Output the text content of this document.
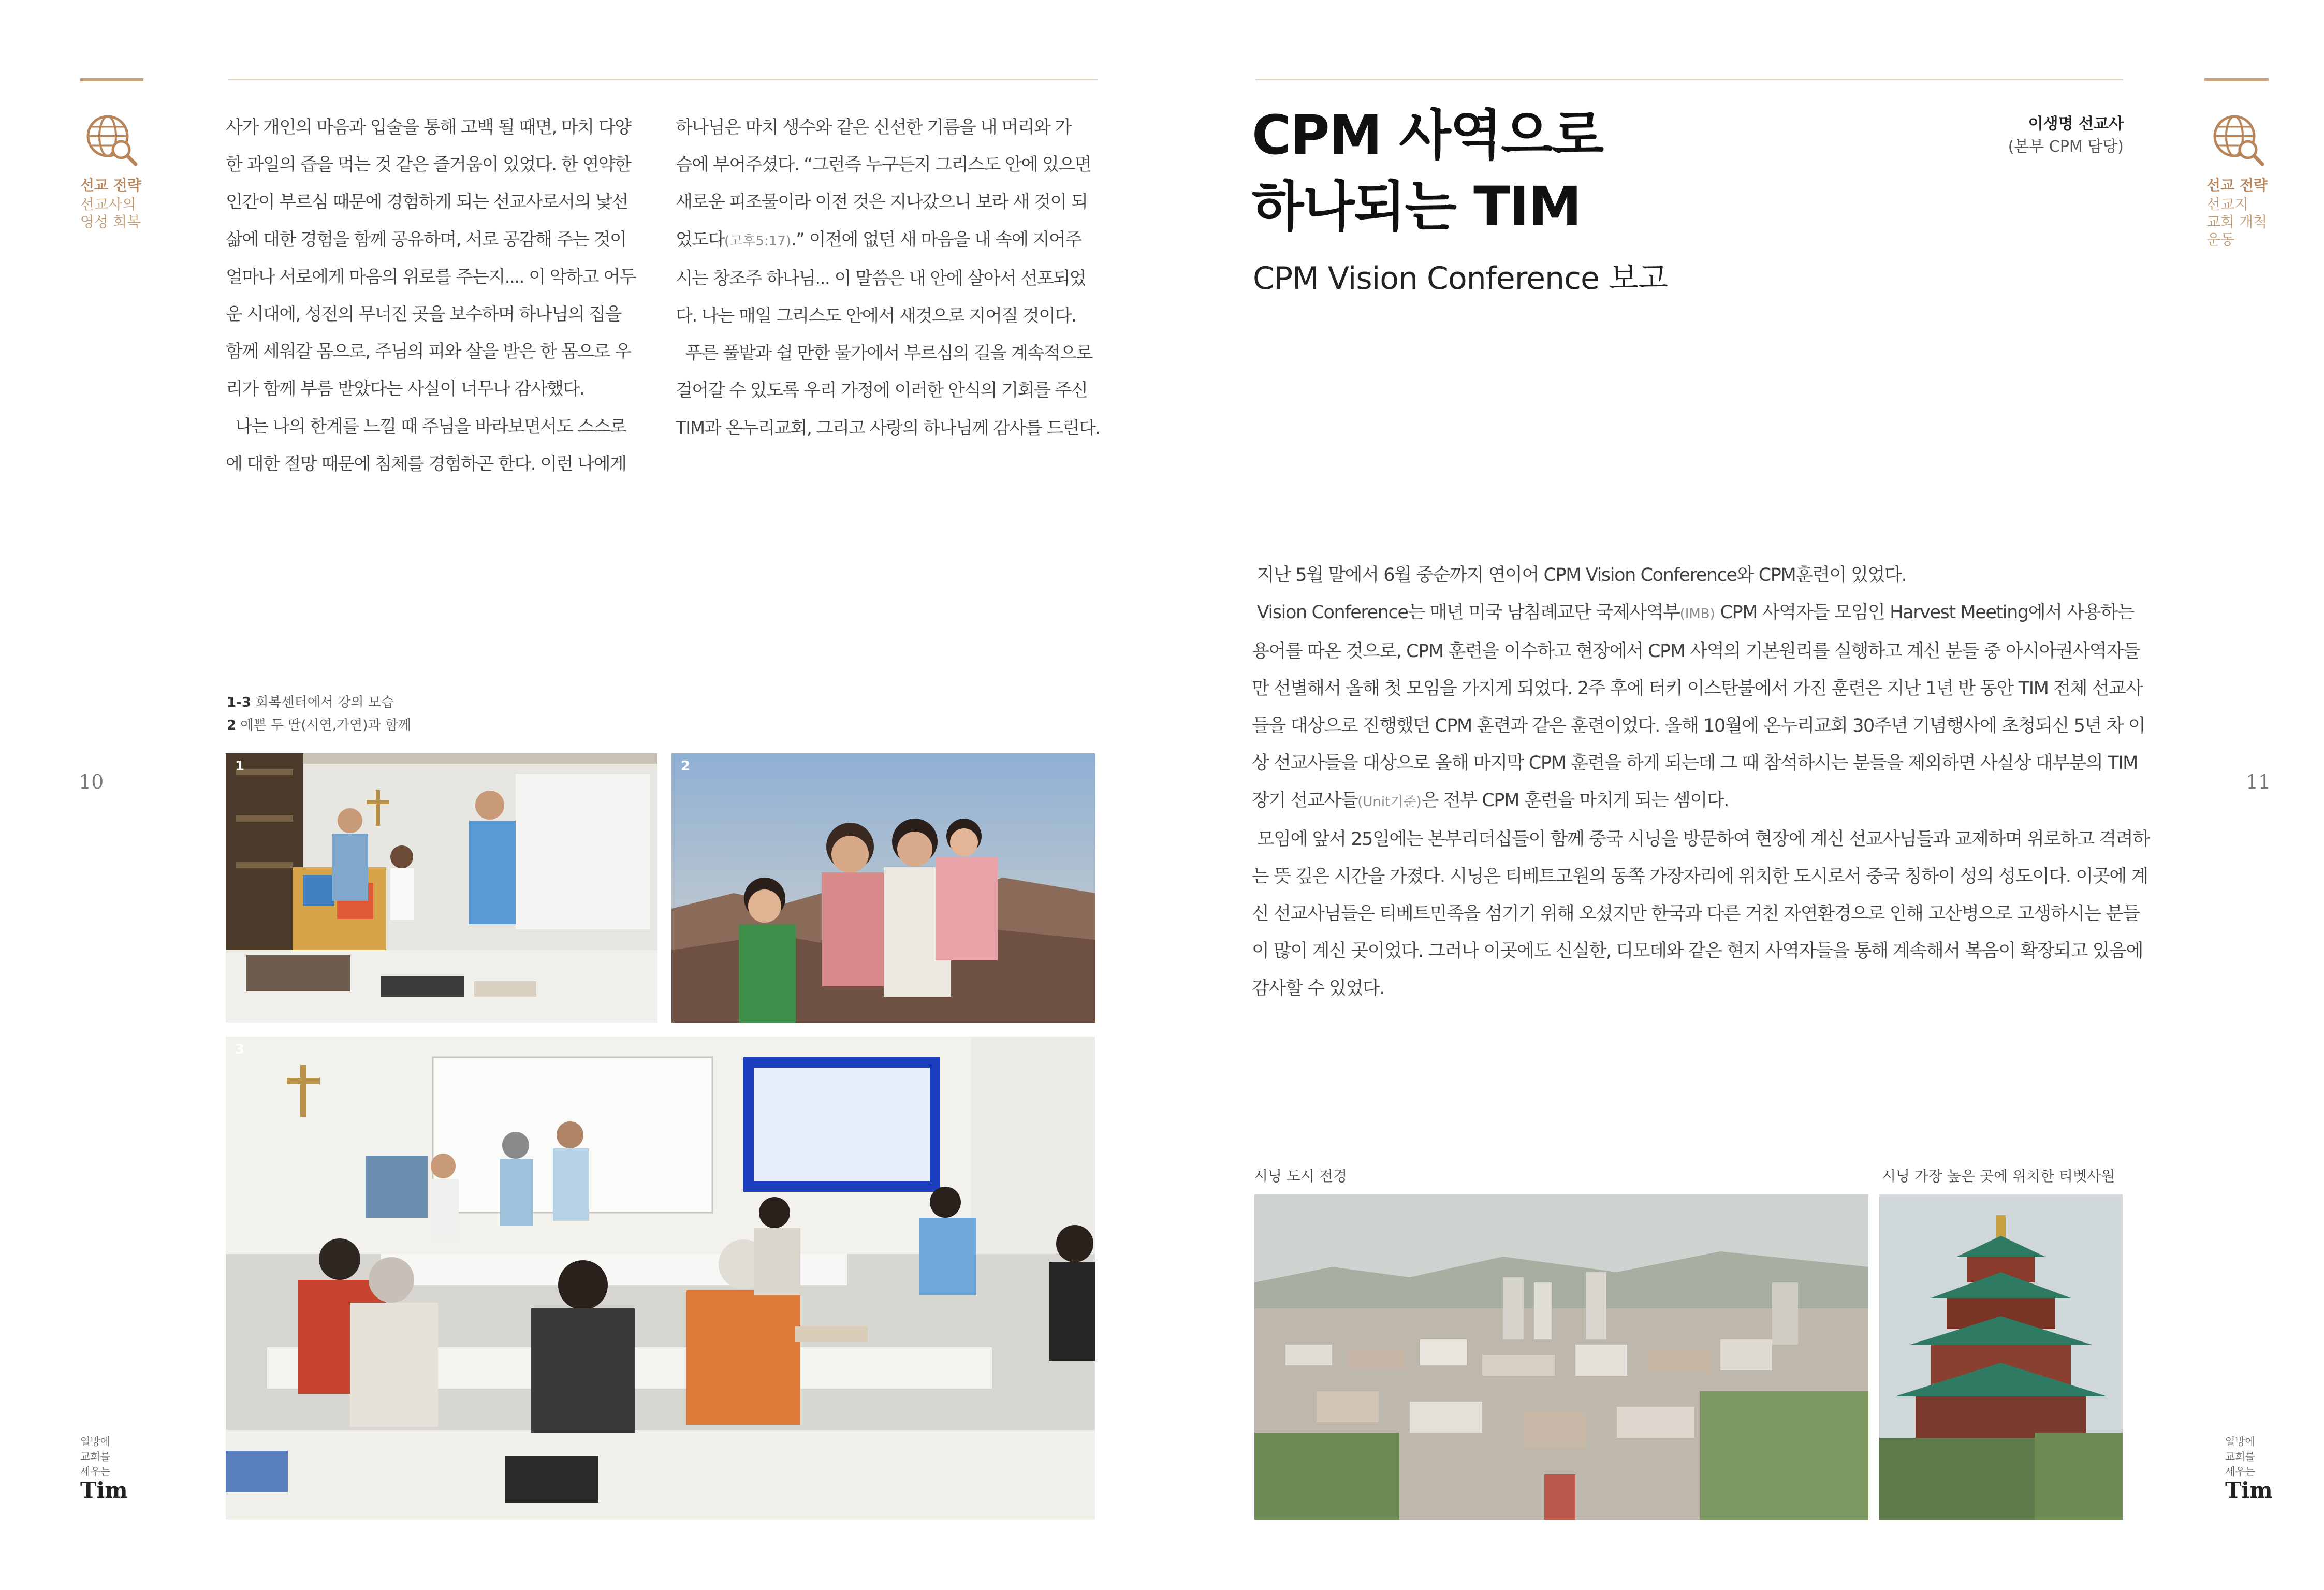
선교 전략
선교사의
영성 회복
10
열방에
교회를
세우는
Tim

사가 개인의 마음과 입술을 통해 고백 될 때면, 마치 다양

한 과일의 즙을 먹는 것 같은 즐거움이 있었다. 한 연약한

인간이 부르심 때문에 경험하게 되는 선교사로서의 낯선

삶에 대한 경험을 함께 공유하며, 서로 공감해 주는 것이

얼마나 서로에게 마음의 위로를 주는지.... 이 악하고 어두

운 시대에, 성전의 무너진 곳을 보수하며 하나님의 집을

함께 세워갈 몸으로, 주님의 피와 살을 받은 한 몸으로 우

리가 함께 부름 받았다는 사실이 너무나 감사했다.

나는 나의 한계를 느낄 때 주님을 바라보면서도 스스로

에 대한 절망 때문에 침체를 경험하곤 한다. 이런 나에게

하나님은 마치 생수와 같은 신선한 기름을 내 머리와 가

슴에 부어주셨다. “그런즉 누구든지 그리스도 안에 있으면

새로운 피조물이라 이전 것은 지나갔으니 보라 새 것이 되

었도다(고후5:17).” 이전에 없던 새 마음을 내 속에 지어주

시는 창조주 하나님... 이 말씀은 내 안에 살아서 선포되었

다. 나는 매일 그리스도 안에서 새것으로 지어질 것이다.

푸른 풀밭과 쉴 만한 물가에서 부르심의 길을 계속적으로

걸어갈 수 있도록 우리 가정에 이러한 안식의 기회를 주신

TIM과 온누리교회, 그리고 사랑의 하나님께 감사를 드린다.

1-3 회복센터에서 강의 모습
2 예쁜 두 딸(시연,가연)과 함께
1	2
3
선교 전략
선교지
교회 개척
운동
11
열방에
교회를
세우는
Tim
CPM 사역으로
하나되는 TIM
CPM Vision Conference 보고
이생명 선교사
(본부 CPM 담당)

지난 5월 말에서 6월 중순까지 연이어 CPM Vision Conference와 CPM훈련이 있었다.

Vision Conference는 매년 미국 남침례교단 국제사역부(IMB) CPM 사역자들 모임인 Harvest Meeting에서 사용하는

용어를 따온 것으로, CPM 훈련을 이수하고 현장에서 CPM 사역의 기본원리를 실행하고 계신 분들 중 아시아권사역자들

만 선별해서 올해 첫 모임을 가지게 되었다. 2주 후에 터키 이스탄불에서 가진 훈련은 지난 1년 반 동안 TIM 전체 선교사

들을 대상으로 진행했던 CPM 훈련과 같은 훈련이었다. 올해 10월에 온누리교회 30주년 기념행사에 초청되신 5년 차 이

상 선교사들을 대상으로 올해 마지막 CPM 훈련을 하게 되는데 그 때 참석하시는 분들을 제외하면 사실상 대부분의 TIM

장기 선교사들(Unit기준)은 전부 CPM 훈련을 마치게 되는 셈이다.

모임에 앞서 25일에는 본부리더십들이 함께 중국 시닝을 방문하여 현장에 계신 선교사님들과 교제하며 위로하고 격려하

는 뜻 깊은 시간을 가졌다. 시닝은 티베트고원의 동쪽 가장자리에 위치한 도시로서 중국 칭하이 성의 성도이다. 이곳에 계

신 선교사님들은 티베트민족을 섬기기 위해 오셨지만 한국과 다른 거친 자연환경으로 인해 고산병으로 고생하시는 분들

이 많이 계신 곳이었다. 그러나 이곳에도 신실한, 디모데와 같은 현지 사역자들을 통해 계속해서 복음이 확장되고 있음에

감사할 수 있었다.

시닝 도시 전경	시닝 가장 높은 곳에 위치한 티벳사원
